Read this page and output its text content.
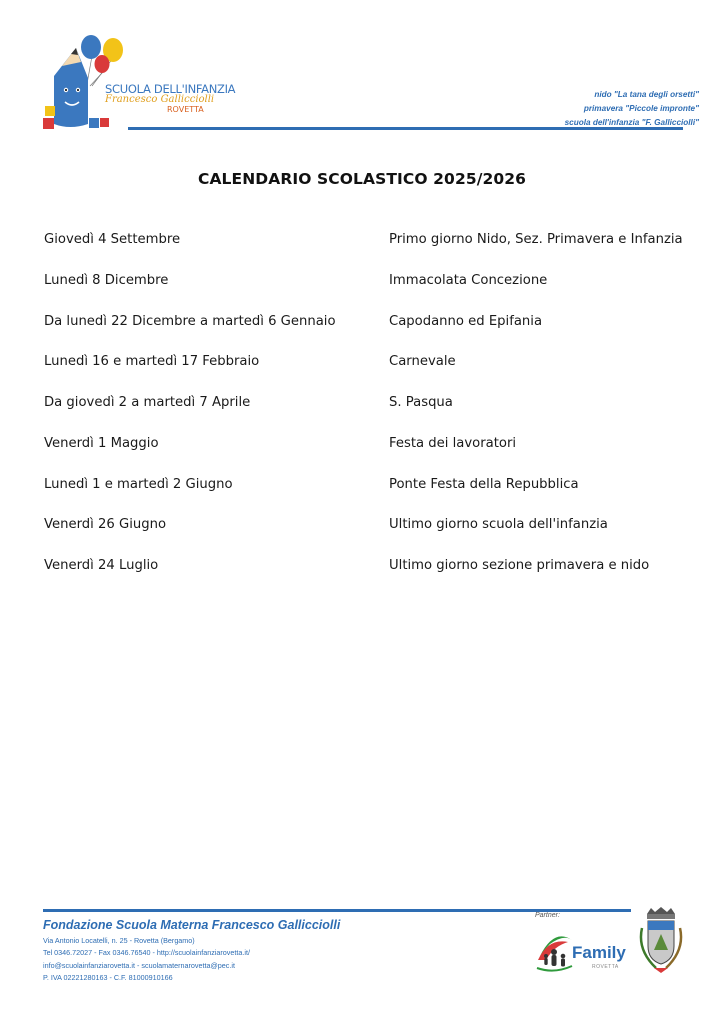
SCUOLA DELL'INFANZIA
Francesco Gallicciolli
ROVETTA
nido "La tana degli orsetti"
primavera "Piccole impronte"
scuola dell'infanzia "F. Gallicciolli"
CALENDARIO SCOLASTICO 2025/2026
Giovedì 4 Settembre	Primo giorno Nido, Sez. Primavera e Infanzia
Lunedì 8 Dicembre	Immacolata Concezione
Da lunedì 22 Dicembre a martedì 6 Gennaio	Capodanno ed Epifania
Lunedì 16 e martedì 17 Febbraio	Carnevale
Da giovedì 2 a martedì 7 Aprile	S. Pasqua
Venerdì 1 Maggio	Festa dei lavoratori
Lunedì 1 e martedì 2 Giugno	Ponte Festa della Repubblica
Venerdì 26 Giugno	Ultimo giorno scuola dell'infanzia
Venerdì 24 Luglio	Ultimo giorno sezione primavera e nido
Fondazione Scuola Materna Francesco Gallicciolli
Via Antonio Locatelli, n. 25 - Rovetta (Bergamo)
Tel 0346.72027 - Fax 0346.76540 - http://scuolainfanziarovetta.it/
info@scuolainfanziarovetta.it - scuolamaternarovetta@pec.it
P. IVA 02221280163 - C.F. 81000910166
Partner:
Family
ROVETTA
